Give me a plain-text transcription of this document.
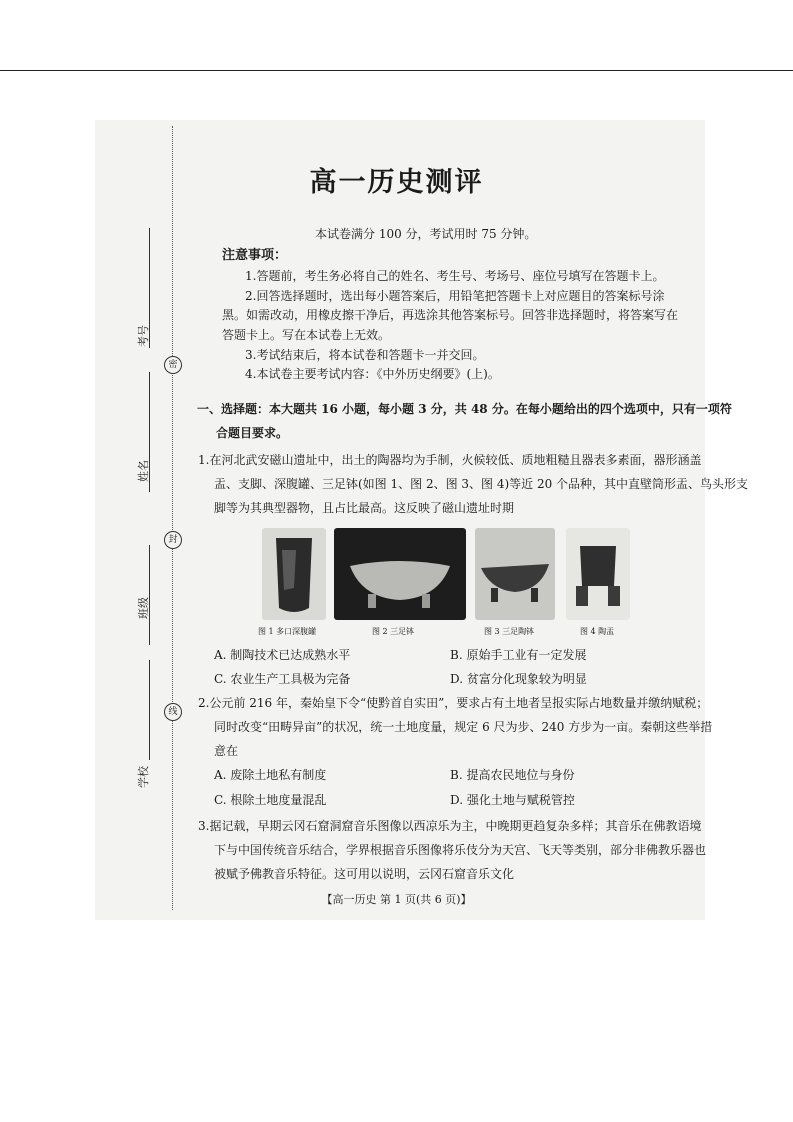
考号
姓名
班级
学校
密
封
线
高一历史测评
本试卷满分 100 分，考试用时 75 分钟。
注意事项：
1.答题前，考生务必将自己的姓名、考生号、考场号、座位号填写在答题卡上。
2.回答选择题时，选出每小题答案后，用铅笔把答题卡上对应题目的答案标号涂
黑。如需改动，用橡皮擦干净后，再选涂其他答案标号。回答非选择题时，将答案写在
答题卡上。写在本试卷上无效。
3.考试结束后，将本试卷和答题卡一并交回。
4.本试卷主要考试内容：《中外历史纲要》(上)。
一、选择题：本大题共 16 小题，每小题 3 分，共 48 分。在每小题给出的四个选项中，只有一项符
合题目要求。
1.在河北武安磁山遗址中，出土的陶器均为手制，火候较低、质地粗糙且器表多素面，器形涵盖
盂、支脚、深腹罐、三足钵(如图 1、图 2、图 3、图 4)等近 20 个品种，其中直壁筒形盂、鸟头形支
脚等为其典型器物，且占比最高。这反映了磁山遗址时期
图 1 多口深腹罐	图 2 三足钵	图 3 三足陶钵	图 4 陶盂
A. 制陶技术已达成熟水平	B. 原始手工业有一定发展
C. 农业生产工具极为完备	D. 贫富分化现象较为明显
2.公元前 216 年，秦始皇下令“使黔首自实田”，要求占有土地者呈报实际占地数量并缴纳赋税；
同时改变“田畴异亩”的状况，统一土地度量，规定 6 尺为步、240 方步为一亩。秦朝这些举措
意在
A. 废除土地私有制度	B. 提高农民地位与身份
C. 根除土地度量混乱	D. 强化土地与赋税管控
3.据记载，早期云冈石窟洞窟音乐图像以西凉乐为主，中晚期更趋复杂多样；其音乐在佛教语境
下与中国传统音乐结合，学界根据音乐图像将乐伎分为天宫、飞天等类别，部分非佛教乐器也
被赋予佛教音乐特征。这可用以说明，云冈石窟音乐文化
【高一历史 第 1 页(共 6 页)】
